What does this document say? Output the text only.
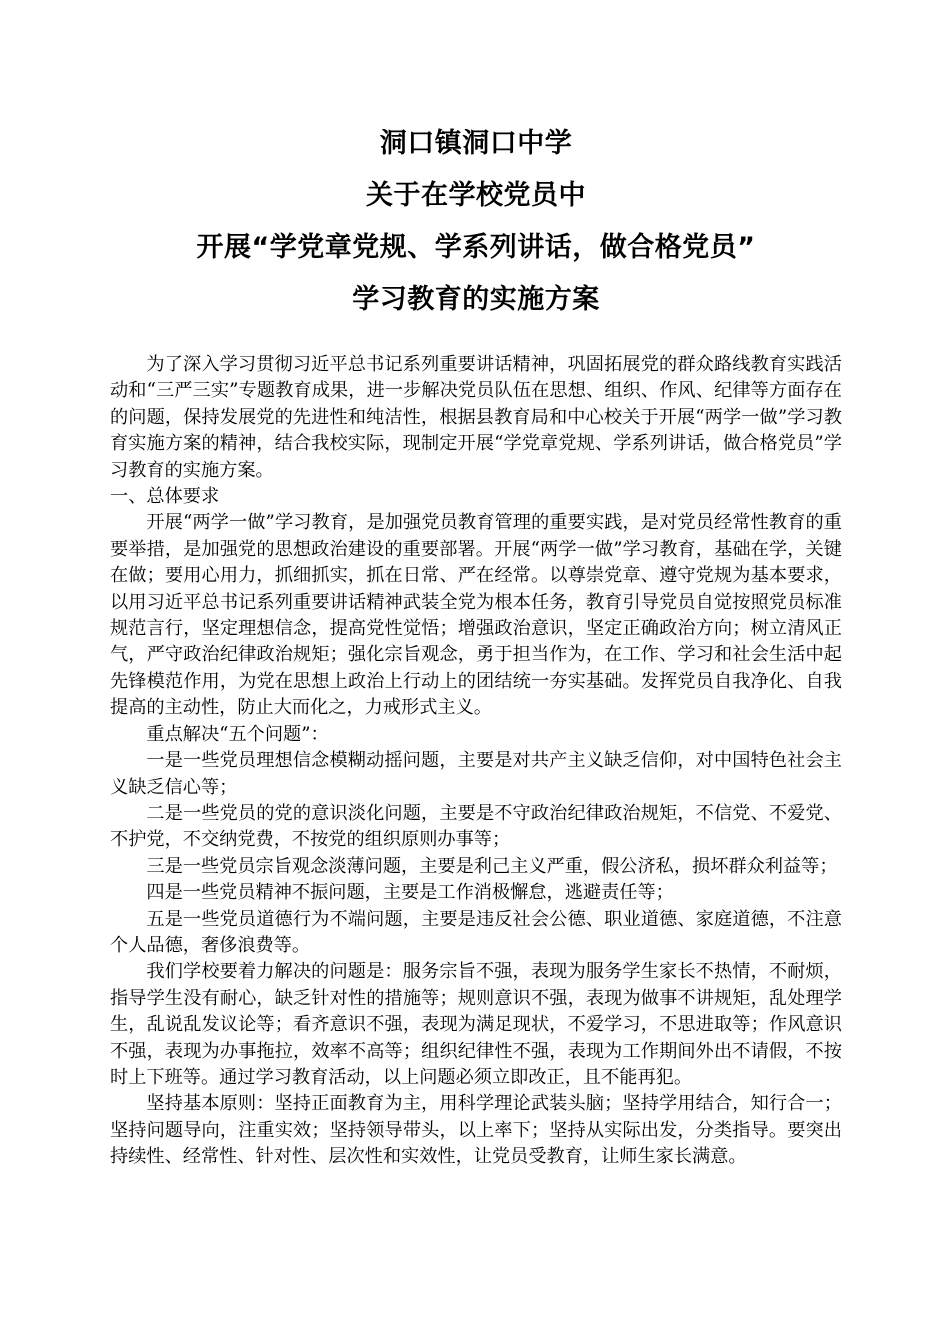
洞口镇洞口中学
关于在学校党员中
开展“学党章党规、学系列讲话，做合格党员”
学习教育的实施方案

为了深入学习贯彻习近平总书记系列重要讲话精神，巩固拓展党的群众路线教育实践活动和“三严三实”专题教育成果，进一步解决党员队伍在思想、组织、作风、纪律等方面存在的问题，保持发展党的先进性和纯洁性，根据县教育局和中心校关于开展“两学一做”学习教育实施方案的精神，结合我校实际，现制定开展“学党章党规、学系列讲话，做合格党员”学习教育的实施方案。

一、总体要求

开展“两学一做”学习教育，是加强党员教育管理的重要实践，是对党员经常性教育的重要举措，是加强党的思想政治建设的重要部署。开展“两学一做”学习教育，基础在学，关键在做；要用心用力，抓细抓实，抓在日常、严在经常。以尊崇党章、遵守党规为基本要求，以用习近平总书记系列重要讲话精神武装全党为根本任务，教育引导党员自觉按照党员标准规范言行，坚定理想信念，提高党性觉悟；增强政治意识，坚定正确政治方向；树立清风正气，严守政治纪律政治规矩；强化宗旨观念，勇于担当作为，在工作、学习和社会生活中起先锋模范作用，为党在思想上政治上行动上的团结统一夯实基础。发挥党员自我净化、自我提高的主动性，防止大而化之，力戒形式主义。

重点解决“五个问题”：

一是一些党员理想信念模糊动摇问题，主要是对共产主义缺乏信仰，对中国特色社会主义缺乏信心等；

二是一些党员的党的意识淡化问题，主要是不守政治纪律政治规矩，不信党、不爱党、不护党，不交纳党费，不按党的组织原则办事等；

三是一些党员宗旨观念淡薄问题，主要是利己主义严重，假公济私，损坏群众利益等；

四是一些党员精神不振问题，主要是工作消极懈怠，逃避责任等；

五是一些党员道德行为不端问题，主要是违反社会公德、职业道德、家庭道德，不注意个人品德，奢侈浪费等。

我们学校要着力解决的问题是：服务宗旨不强，表现为服务学生家长不热情，不耐烦，指导学生没有耐心，缺乏针对性的措施等；规则意识不强，表现为做事不讲规矩，乱处理学生，乱说乱发议论等；看齐意识不强，表现为满足现状，不爱学习，不思进取等；作风意识不强，表现为办事拖拉，效率不高等；组织纪律性不强，表现为工作期间外出不请假，不按时上下班等。通过学习教育活动，以上问题必须立即改正，且不能再犯。

坚持基本原则：坚持正面教育为主，用科学理论武装头脑；坚持学用结合，知行合一；坚持问题导向，注重实效；坚持领导带头，以上率下；坚持从实际出发，分类指导。要突出持续性、经常性、针对性、层次性和实效性，让党员受教育，让师生家长满意。
